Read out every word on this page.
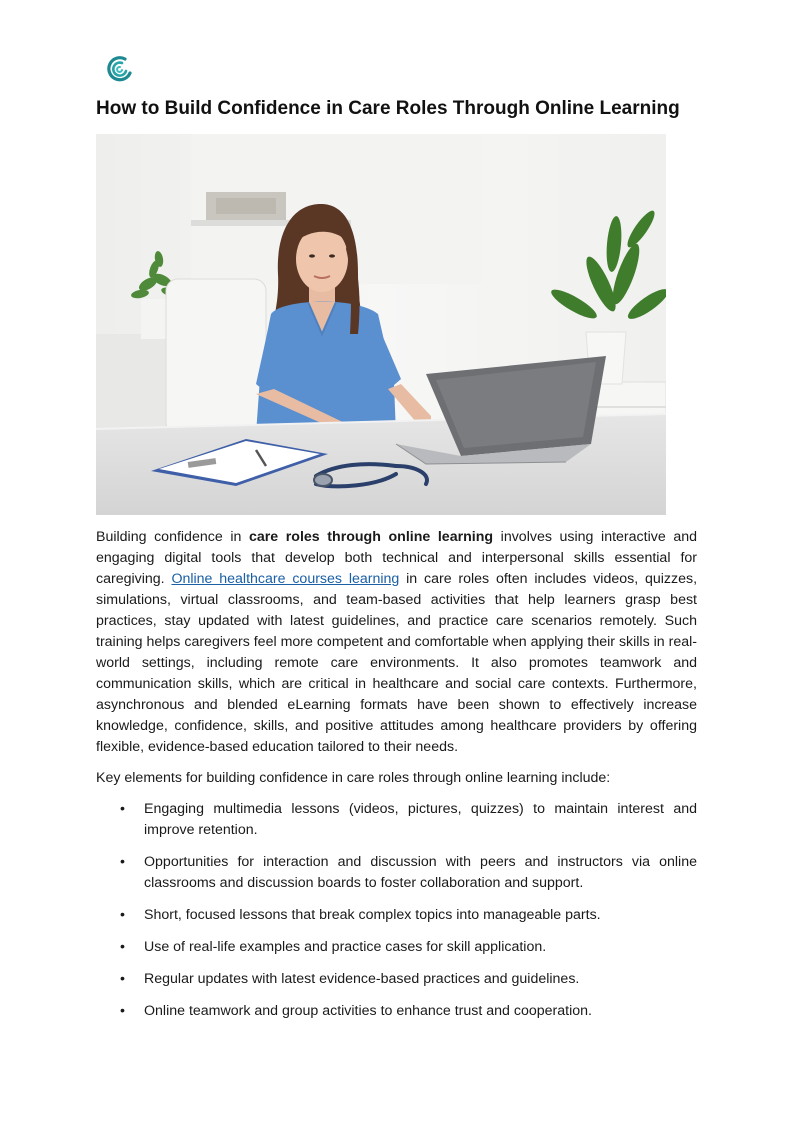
How to Build Confidence in Care Roles Through Online Learning

Building confidence in care roles through online learning involves using interactive and engaging digital tools that develop both technical and interpersonal skills essential for caregiving. Online healthcare courses learning in care roles often includes videos, quizzes, simulations, virtual classrooms, and team-based activities that help learners grasp best practices, stay updated with latest guidelines, and practice care scenarios remotely. Such training helps caregivers feel more competent and comfortable when applying their skills in real-world settings, including remote care environments. It also promotes teamwork and communication skills, which are critical in healthcare and social care contexts. Furthermore, asynchronous and blended eLearning formats have been shown to effectively increase knowledge, confidence, skills, and positive attitudes among healthcare providers by offering flexible, evidence-based education tailored to their needs.

Key elements for building confidence in care roles through online learning include:

• Engaging multimedia lessons (videos, pictures, quizzes) to maintain interest and improve retention.
• Opportunities for interaction and discussion with peers and instructors via online classrooms and discussion boards to foster collaboration and support.
• Short, focused lessons that break complex topics into manageable parts.
• Use of real-life examples and practice cases for skill application.
• Regular updates with latest evidence-based practices and guidelines.
• Online teamwork and group activities to enhance trust and cooperation.
